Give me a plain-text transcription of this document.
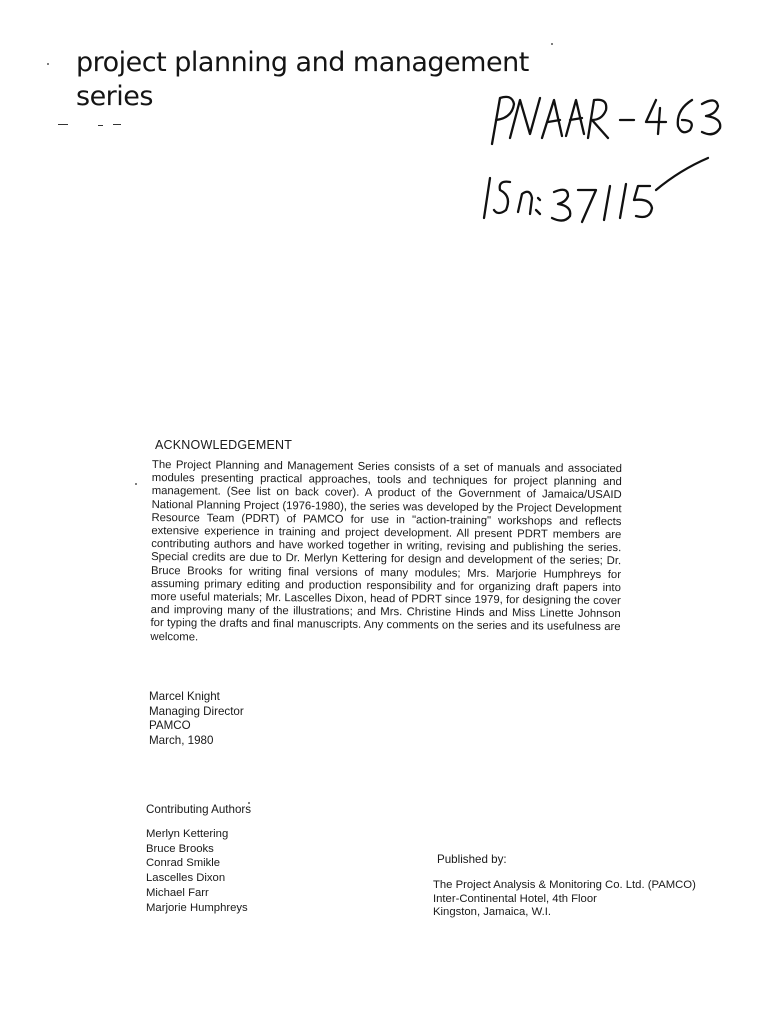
project planning and management
series
ACKNOWLEDGEMENT
The Project Planning and Management Series consists of a set of manuals and associated modules presenting practical approaches, tools and techniques for project planning and management. (See list on back cover). A product of the Government of Jamaica/USAID National Planning Project (1976-1980), the series was developed by the Project Development Resource Team (PDRT) of PAMCO for use in "action-training" workshops and reflects extensive experience in training and project development. All present PDRT members are contributing authors and have worked together in writing, revising and publishing the series. Special credits are due to Dr. Merlyn Kettering for design and development of the series; Dr. Bruce Brooks for writing final versions of many modules; Mrs. Marjorie Humphreys for assuming primary editing and production responsibility and for organizing draft papers into more useful materials; Mr. Lascelles Dixon, head of PDRT since 1979, for designing the cover and improving many of the illustrations; and Mrs. Christine Hinds and Miss Linette Johnson for typing the drafts and final manuscripts. Any comments on the series and its usefulness are welcome.
Marcel Knight
Managing Director
PAMCO
March, 1980
Contributing Authors
Merlyn Kettering
Bruce Brooks
Conrad Smikle
Lascelles Dixon
Michael Farr
Marjorie Humphreys
Published by:
The Project Analysis & Monitoring Co. Ltd. (PAMCO)
Inter-Continental Hotel, 4th Floor
Kingston, Jamaica, W.I.
